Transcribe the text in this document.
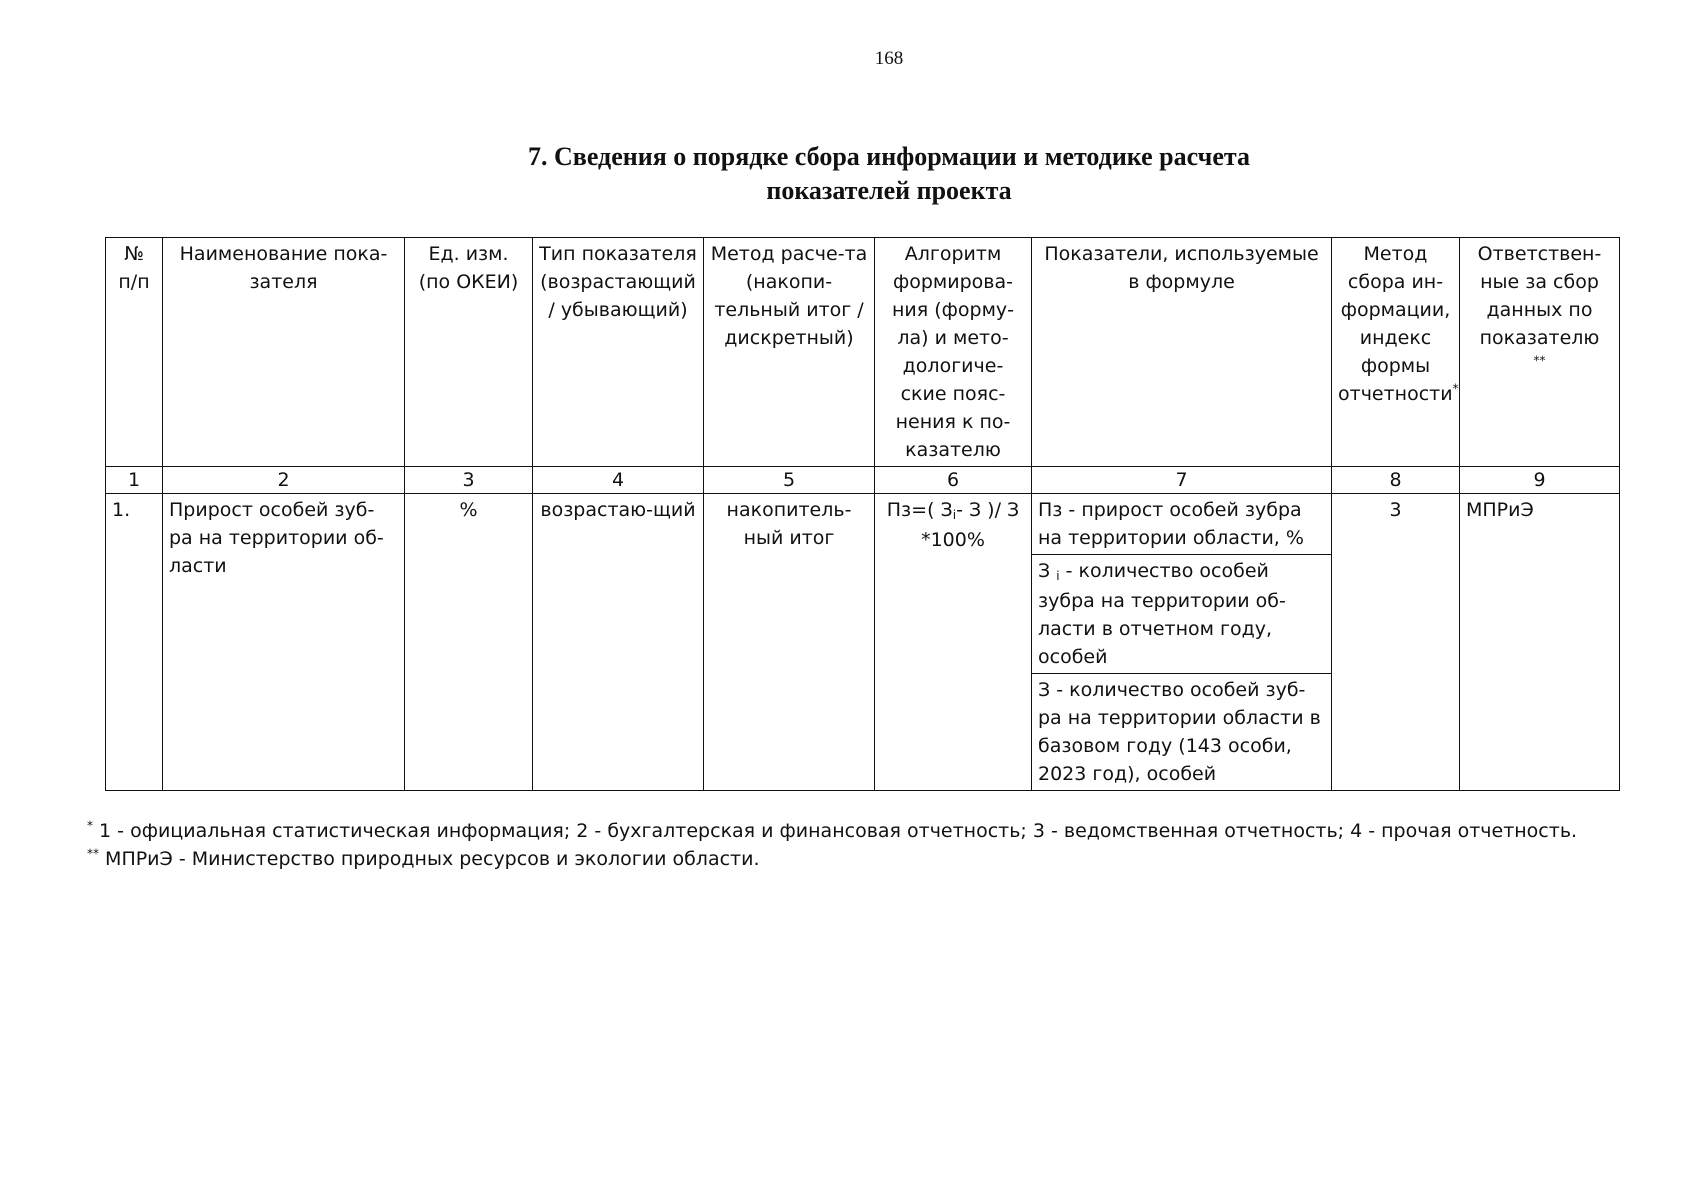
168
7. Сведения о порядке сбора информации и методике расчета
показателей проекта
№ п/п	Наименование пока-зателя	Ед. изм. (по ОКЕИ)	Тип показателя (возрастающий / убывающий)	Метод расче-та (накопи-тельный итог / дискретный)	Алгоритм формирова-ния (форму-ла) и мето-дологиче-ские пояс-нения к по-казателю	Показатели, используемые в формуле	Метод сбора ин-формации, индекс формы отчетности*	Ответствен-ные за сбор данных по показателю
**
1	2	3	4	5	6	7	8	9
1.	Прирост особей зуб-ра на территории об-ласти	%	возрастаю-щий	накопитель-ный итог	Пз=( Зi- З )/ З *100%	Пз - прирост особей зубра на территории области, %	3	МПРиЭ
						З i - количество особей зубра на территории об-ласти в отчетном году, особей		
						З - количество особей зуб-ра на территории области в базовом году (143 особи, 2023 год), особей		
* 1 - официальная статистическая информация; 2 - бухгалтерская и финансовая отчетность; 3 - ведомственная отчетность; 4 - прочая отчетность.
** МПРиЭ - Министерство природных ресурсов и экологии области.
